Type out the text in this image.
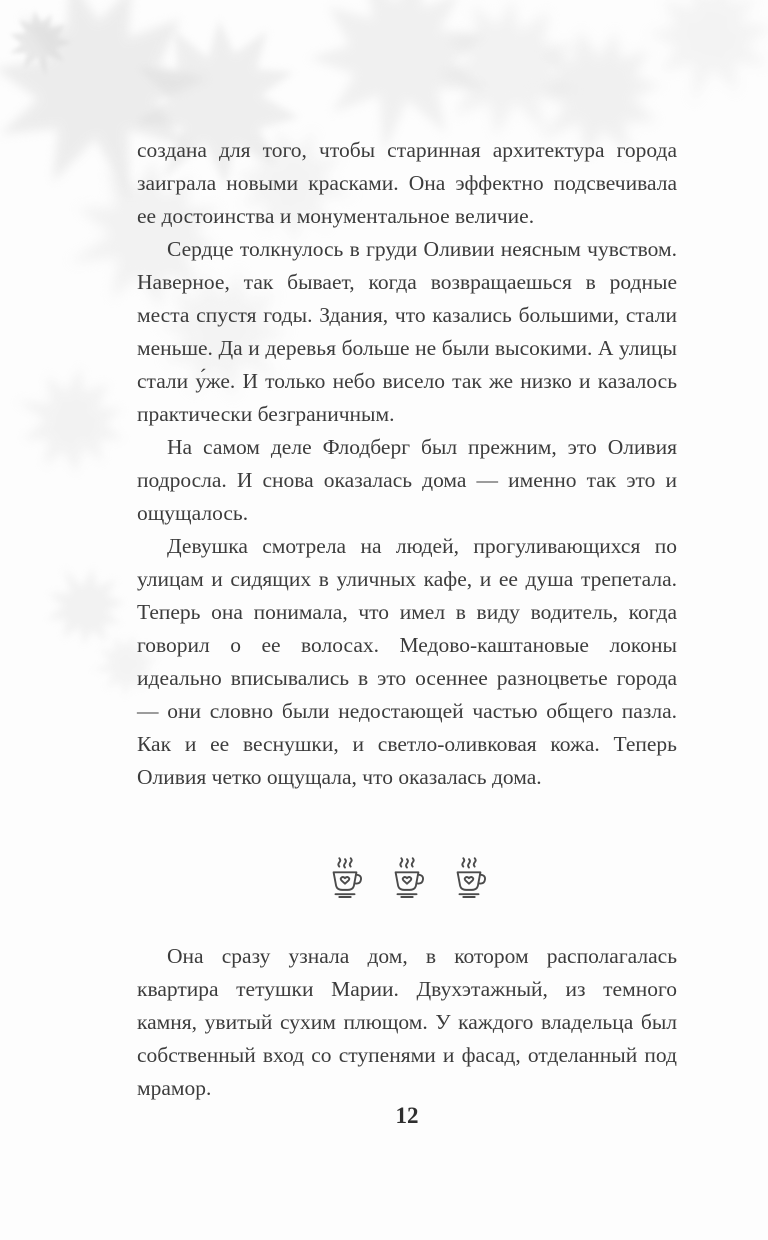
создана для того, чтобы старинная архитектура города заиграла новыми красками. Она эффектно подсвечивала ее достоинства и монументальное величие.

Сердце толкнулось в груди Оливии неясным чувством. Наверное, так бывает, когда возвращаешься в родные места спустя годы. Здания, что казались большими, стали меньше. Да и деревья больше не были высокими. А улицы стали у́же. И только небо висело так же низко и казалось практически безграничным.

На самом деле Флодберг был прежним, это Оливия подросла. И снова оказалась дома — именно так это и ощущалось.

Девушка смотрела на людей, прогуливающихся по улицам и сидящих в уличных кафе, и ее душа трепетала. Теперь она понимала, что имел в виду водитель, когда говорил о ее волосах. Медово-каштановые локоны идеально вписывались в это осеннее разноцветье города — они словно были недостающей частью общего пазла. Как и ее веснушки, и светло-оливковая кожа. Теперь Оливия четко ощущала, что оказалась дома.

Она сразу узнала дом, в котором располагалась квартира тетушки Марии. Двухэтажный, из темного камня, увитый сухим плющом. У каждого владельца был собственный вход со ступенями и фасад, отделанный под мрамор.

12
